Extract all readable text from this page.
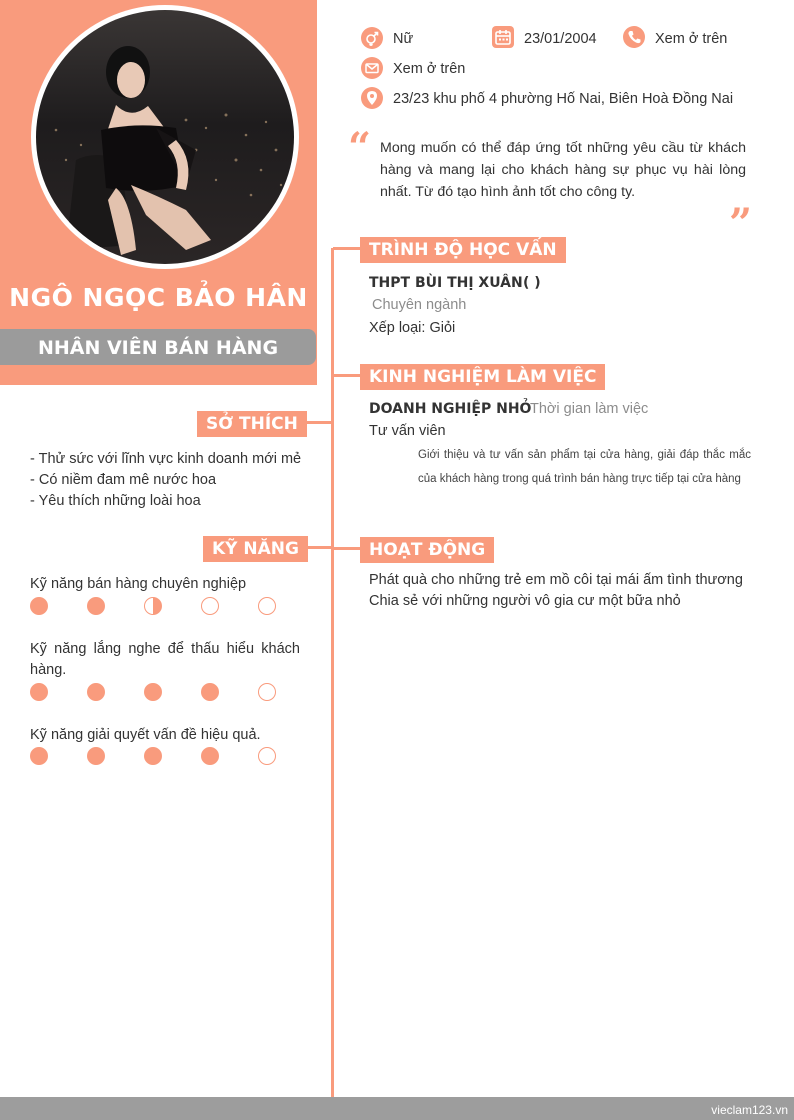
NGÔ NGỌC BẢO HÂN
NHÂN VIÊN BÁN HÀNG
Nữ	23/01/2004	Xem ở trên
Xem ở trên
23/23 khu phố 4 phường Hố Nai, Biên Hoà Đồng Nai
“ Mong muốn có thể đáp ứng tốt những yêu cầu từ khách hàng và mang lại cho khách hàng sự phục vụ hài lòng nhất. Từ đó tạo hình ảnh tốt cho công ty.
”
TRÌNH ĐỘ HỌC VẤN
THPT BÙI THỊ XUÂN ( )
Chuyên ngành
Xếp loại: Giỏi
KINH NGHIỆM LÀM VIỆC
DOANH NGHIỆP NHỎ
Thời gian làm việc
Tư vấn viên
Giới thiệu và tư vấn sản phẩm tại cửa hàng, giải đáp thắc mắc của khách hàng trong quá trình bán hàng trực tiếp tại cửa hàng
HOẠT ĐỘNG
Phát quà cho những trẻ em mồ côi tại mái ấm tình thương
Chia sẻ với những người vô gia cư một bữa nhỏ
SỞ THÍCH
- Thử sức với lĩnh vực kinh doanh mới mẻ
- Có niềm đam mê nước hoa
- Yêu thích những loài hoa
KỸ NĂNG
Kỹ năng bán hàng chuyên nghiệp
Kỹ năng lắng nghe để thấu hiểu khách hàng.
Kỹ năng giải quyết vấn đề hiệu quả.
vieclam123.vn
